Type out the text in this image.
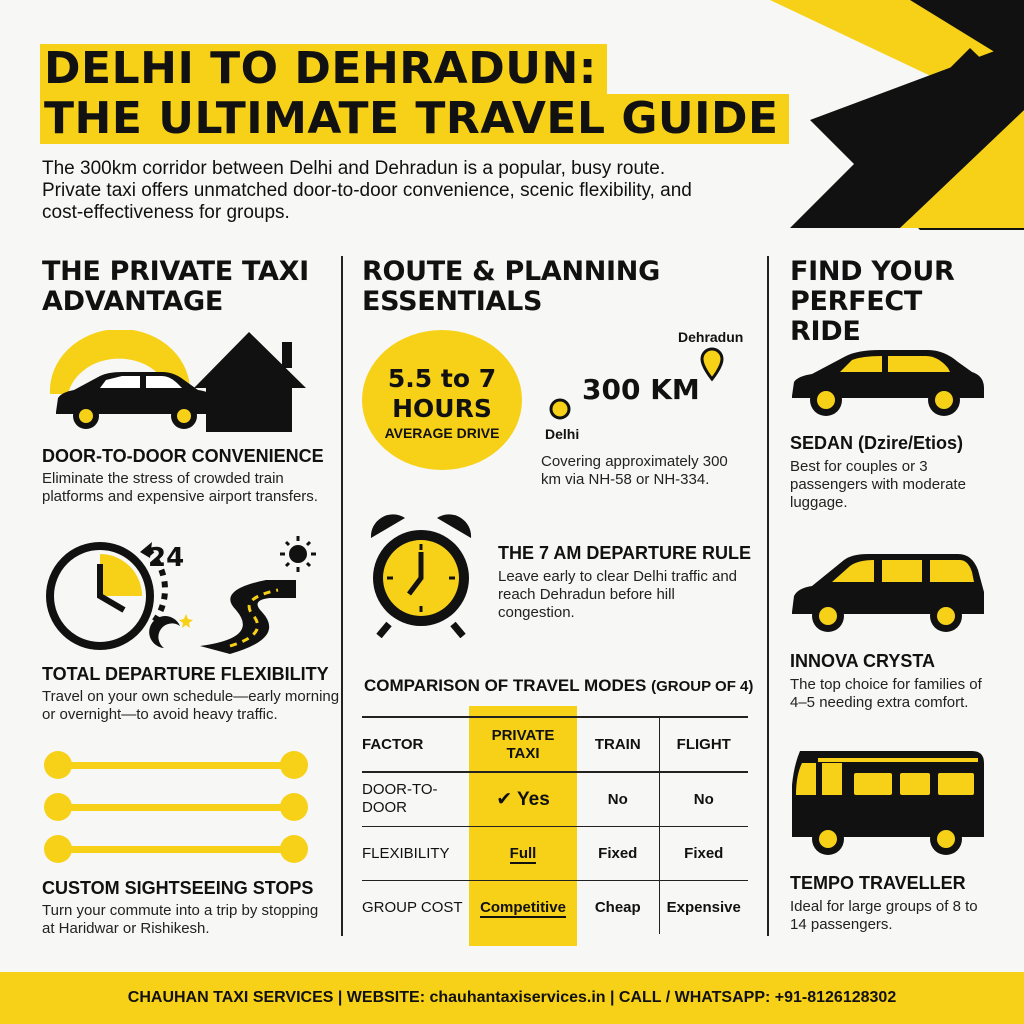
DELHI TO DEHRADUN:
THE ULTIMATE TRAVEL GUIDE
The 300km corridor between Delhi and Dehradun is a popular, busy route. Private taxi offers unmatched door-to-door convenience, scenic flexibility, and cost-effectiveness for groups.
THE PRIVATE TAXI ADVANTAGE
DOOR-TO-DOOR CONVENIENCE
Eliminate the stress of crowded train platforms and expensive airport transfers.
24
TOTAL DEPARTURE FLEXIBILITY
Travel on your own schedule—early morning or overnight—to avoid heavy traffic.
CUSTOM SIGHTSEEING STOPS
Turn your commute into a trip by stopping at Haridwar or Rishikesh.
ROUTE & PLANNING ESSENTIALS
5.5 to 7 HOURS
AVERAGE DRIVE
Dehradun
Delhi
300 KM
Covering approximately 300 km via NH-58 or NH-334.
THE 7 AM DEPARTURE RULE
Leave early to clear Delhi traffic and reach Dehradun before hill congestion.
COMPARISON OF TRAVEL MODES (GROUP OF 4)
FACTOR	PRIVATE TAXI	TRAIN	FLIGHT
DOOR-TO-DOOR	✔ Yes	No	No
FLEXIBILITY	Full	Fixed	Fixed
GROUP COST	Competitive	Cheap	Expensive
FIND YOUR PERFECT RIDE
SEDAN (Dzire/Etios)
Best for couples or 3 passengers with moderate luggage.
INNOVA CRYSTA
The top choice for families of 4–5 needing extra comfort.
TEMPO TRAVELLER
Ideal for large groups of 8 to 14 passengers.
CHAUHAN TAXI SERVICES | WEBSITE: chauhantaxiservices.in | CALL / WHATSAPP: +91-8126128302
